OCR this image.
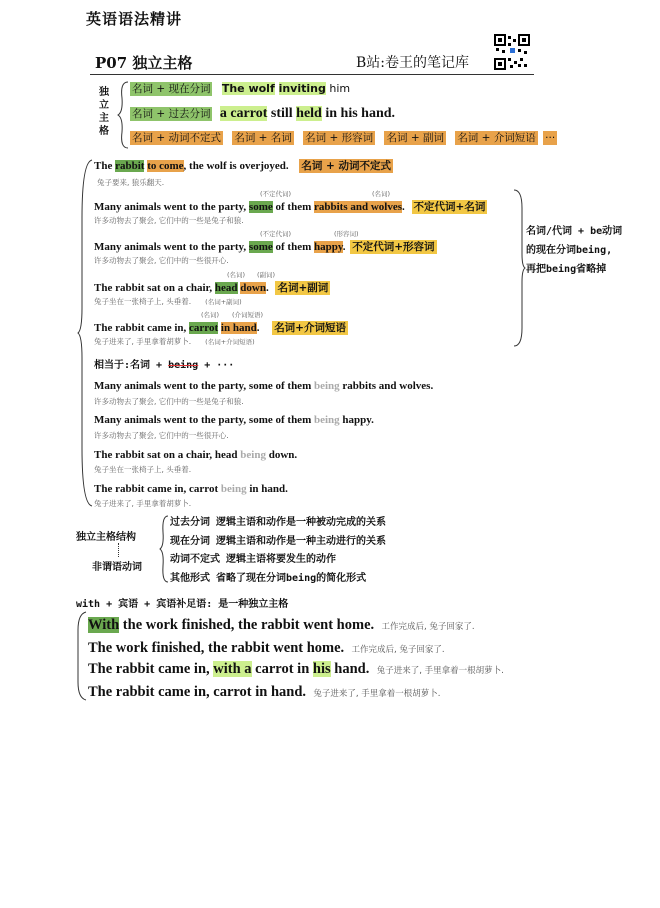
英语语法精讲
P07 独立主格	B站:卷王的笔记库
独
立
主
格
名词 + 现在分词 The wolf inviting him
名词 + 过去分词 a carrot still held in his hand.
名词 + 动词不定式 名词 + 名词 名词 + 形容词 名词 + 副词 名词 + 介词短语 ···
The rabbit to come, the wolf is overjoyed. 名词 + 动词不定式
兔子要来, 狼乐翻天.
(不定代词)	(名词)
Many animals went to the party, some of them rabbits and wolves. 不定代词+名词
许多动物去了聚会, 它们中的一些是兔子和狼.
(不定代词)	(形容词)
Many animals went to the party, some of them happy. 不定代词+形容词
许多动物去了聚会, 它们中的一些很开心.
(名词) (副词)
The rabbit sat on a chair, head down. 名词+副词
兔子坐在一张椅子上, 头垂着. (名词+副词)
(名词) (介词短语)
The rabbit came in, carrot in hand. 名词+介词短语
兔子进来了, 手里拿着胡萝卜. (名词+介词短语)
名词/代词 + be动词
的现在分词being,
再把being省略掉
相当于:名词 + being + ···
Many animals went to the party, some of them being rabbits and wolves.
许多动物去了聚会, 它们中的一些是兔子和狼.
Many animals went to the party, some of them being happy.
许多动物去了聚会, 它们中的一些很开心.
The rabbit sat on a chair, head being down.
兔子坐在一张椅子上, 头垂着.
The rabbit came in, carrot being in hand.
兔子进来了, 手里拿着胡萝卜.
独立主格结构
非谓语动词
过去分词 逻辑主语和动作是一种被动完成的关系
现在分词 逻辑主语和动作是一种主动进行的关系
动词不定式 逻辑主语将要发生的动作
其他形式 省略了现在分词being的简化形式
with + 宾语 + 宾语补足语: 是一种独立主格
With the work finished, the rabbit went home. 工作完成后, 兔子回家了.
The work finished, the rabbit went home. 工作完成后, 兔子回家了.
The rabbit came in, with a carrot in his hand. 兔子进来了, 手里拿着一根胡萝卜.
The rabbit came in, carrot in hand. 兔子进来了, 手里拿着一根胡萝卜.
